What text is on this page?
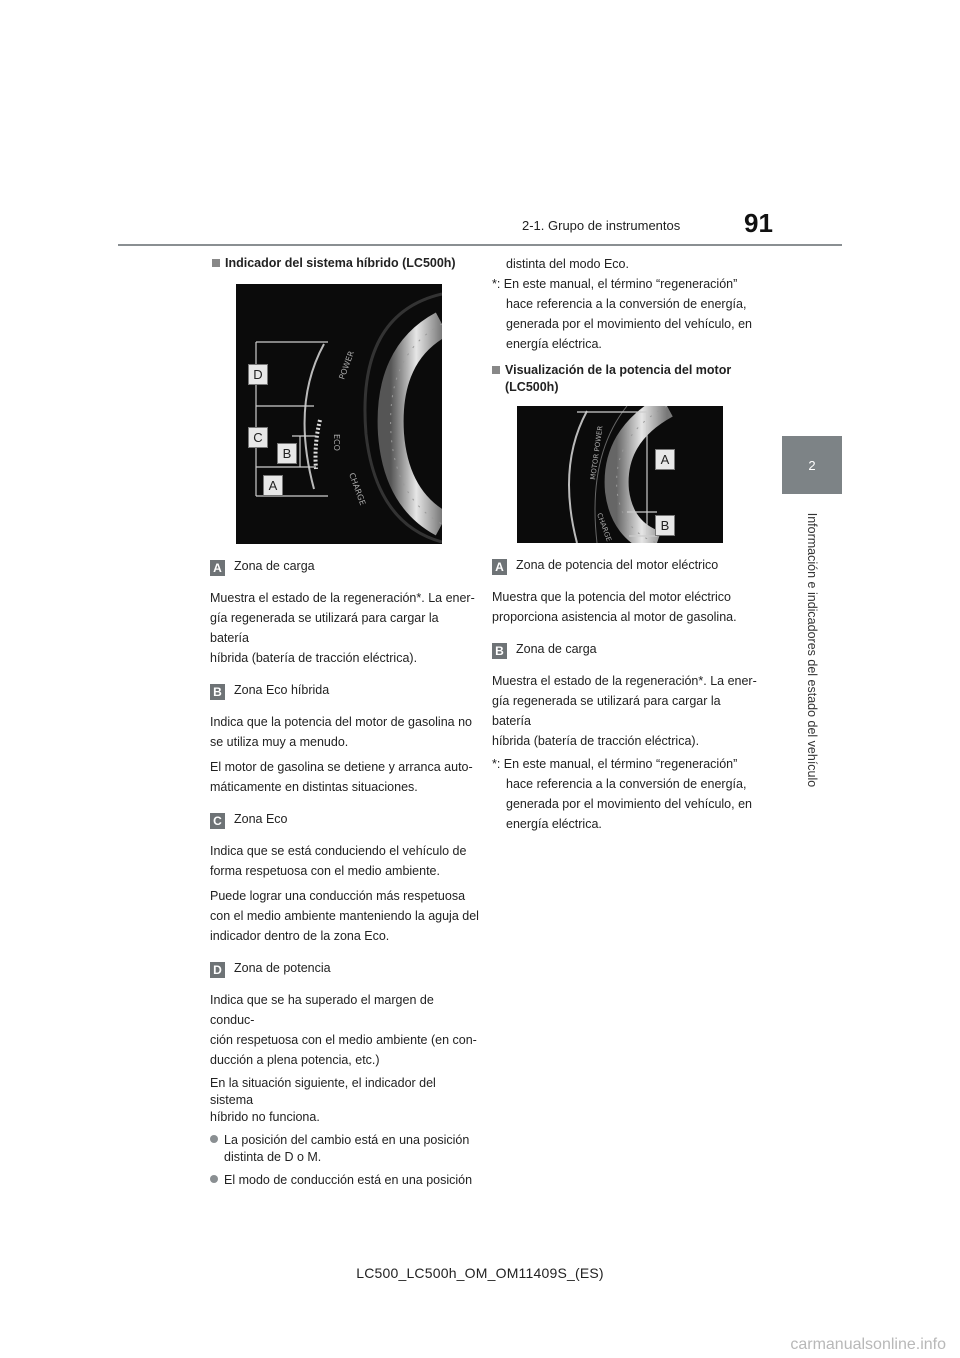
2-1. Grupo de instrumentos 91
2
Información e indicadores del estado del vehículo
Indicador del sistema híbrido (LC500h)
POWER
ECO
CHARGE
D
C
B
A

A Zona de carga

Muestra el estado de la regeneración*. La ener-

gía regenerada se utilizará para cargar la batería

híbrida (batería de tracción eléctrica).

B Zona Eco híbrida

Indica que la potencia del motor de gasolina no

se utiliza muy a menudo.

El motor de gasolina se detiene y arranca auto-

máticamente en distintas situaciones.

C Zona Eco

Indica que se está conduciendo el vehículo de

forma respetuosa con el medio ambiente.

Puede lograr una conducción más respetuosa

con el medio ambiente manteniendo la aguja del

indicador dentro de la zona Eco.

D Zona de potencia

Indica que se ha superado el margen de conduc-

ción respetuosa con el medio ambiente (en con-

ducción a plena potencia, etc.)

En la situación siguiente, el indicador del sistema

híbrido no funciona.

La posición del cambio está en una posición

distinta de D o M.

El modo de conducción está en una posición

distinta del modo Eco.

*: En este manual, el término “regeneración”

hace referencia a la conversión de energía,

generada por el movimiento del vehículo, en

energía eléctrica.

Visualización de la potencia del motor

(LC500h)

MOTOR POWER
CHARGE
A
B

A Zona de potencia del motor eléctrico

Muestra que la potencia del motor eléctrico

proporciona asistencia al motor de gasolina.

B Zona de carga

Muestra el estado de la regeneración*. La ener-

gía regenerada se utilizará para cargar la batería

híbrida (batería de tracción eléctrica).

*: En este manual, el término “regeneración”

hace referencia a la conversión de energía,

generada por el movimiento del vehículo, en

energía eléctrica.

LC500_LC500h_OM_OM11409S_(ES)
carmanualsonline.info
